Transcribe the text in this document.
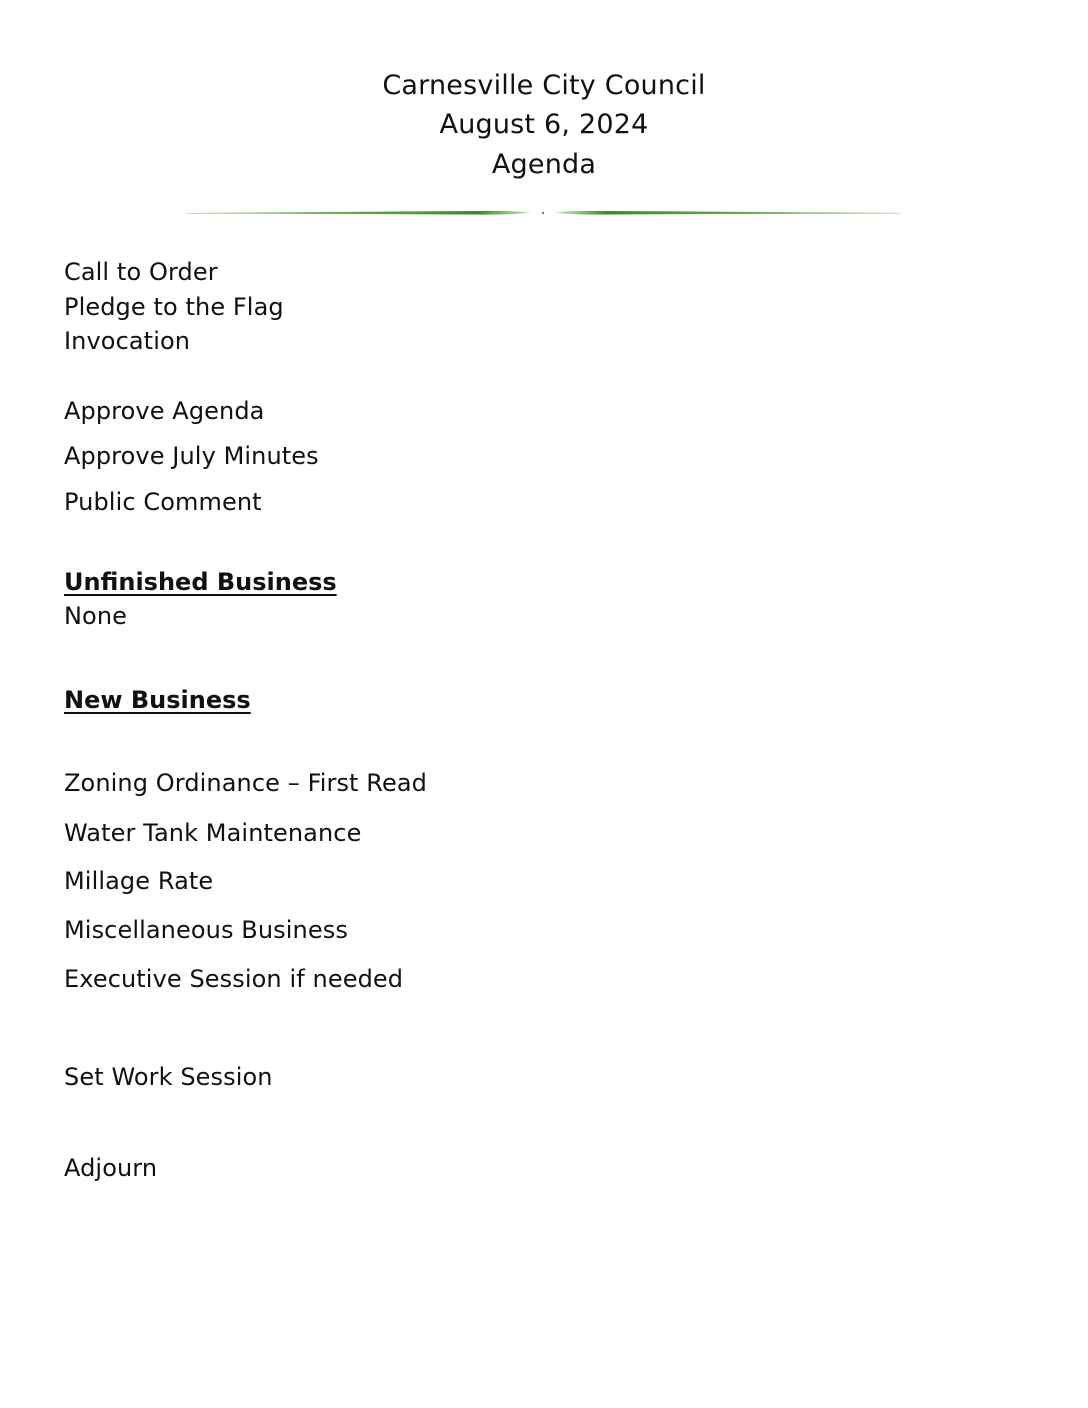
Carnesville City Council
August 6, 2024
Agenda
Call to Order
Pledge to the Flag
Invocation
Approve Agenda
Approve July Minutes
Public Comment
Unfinished Business
None
New Business
Zoning Ordinance – First Read
Water Tank Maintenance
Millage Rate
Miscellaneous Business
Executive Session if needed
Set Work Session
Adjourn
